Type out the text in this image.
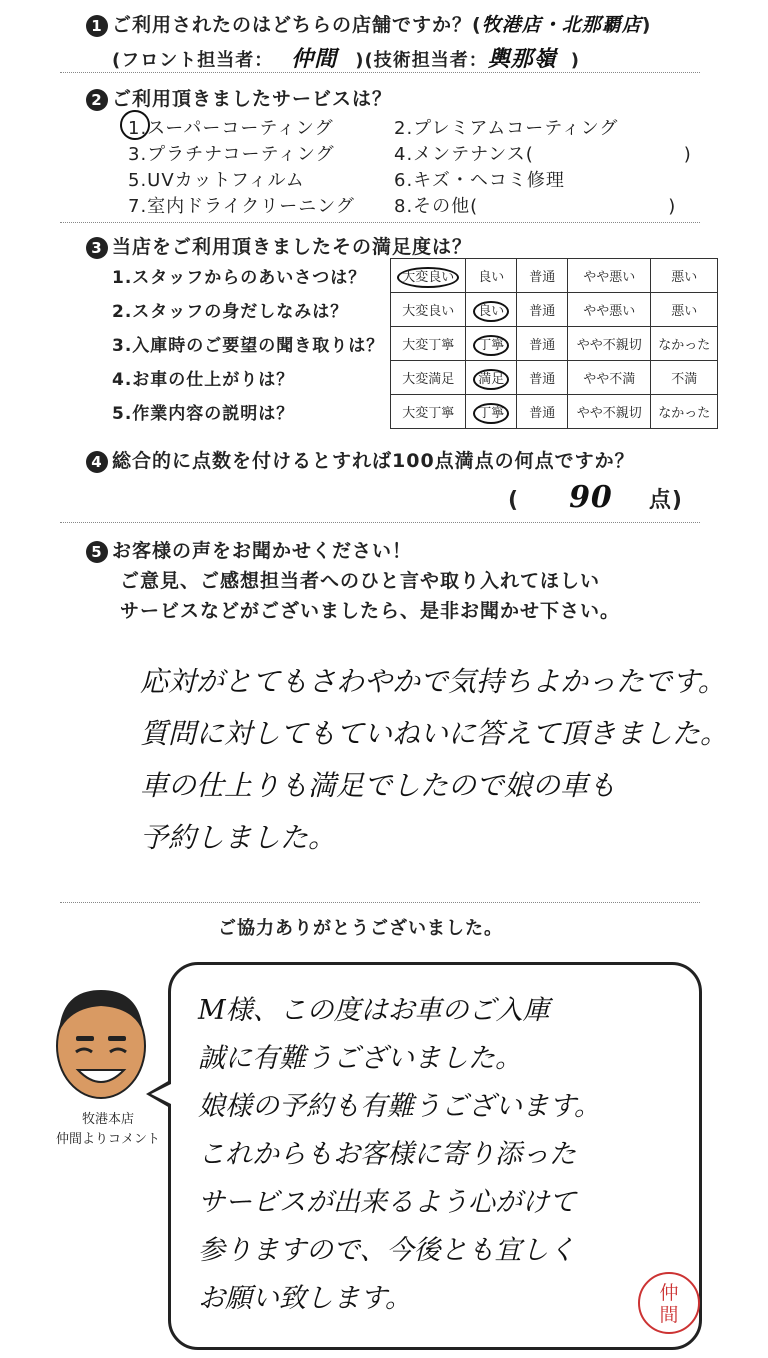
1 ご利用されたのはどちらの店舗ですか？(牧港店・北那覇店)
(フロント担当者： 仲間 )(技術担当者：輿那嶺 )
2 ご利用頂きましたサービスは？
1.スーパーコーティング	2.プレミアムコーティング
3.プラチナコーティング	4.メンテナンス(	)
5.UVカットフィルム	6.キズ・ヘコミ修理
7.室内ドライクリーニング 8.その他(	)
3 当店をご利用頂きましたその満足度は？
1.スタッフからのあいさつは？	大変良い	良い	普通	やや悪い	悪い
2.スタッフの身だしなみは？	大変良い	良い	普通	やや悪い	悪い
3.入庫時のご要望の聞き取りは？	大変丁寧	丁寧	普通	やや不親切	なかった
4.お車の仕上がりは？	大変満足	満足	普通	やや不満	不満
5.作業内容の説明は？	大変丁寧	丁寧	普通	やや不親切	なかった
4 総合的に点数を付けるとすれば100点満点の何点ですか？
( 90 点)
5 お客様の声をお聞かせください！
ご意見、ご感想担当者へのひと言や取り入れてほしい
サービスなどがございましたら、是非お聞かせ下さい。
応対がとてもさわやかで気持ちよかったです。
質問に対してもていねいに答えて頂きました。
車の仕上りも満足でしたので娘の車も
予約しました。
ご協力ありがとうございました。
牧港本店
仲間よりコメント
M様、この度はお車のご入庫
誠に有難うございました。
娘様の予約も有難うございます。
これからもお客様に寄り添った
サービスが出来るよう心がけて
参りますので、今後とも宜しく
お願い致します。	仲間
